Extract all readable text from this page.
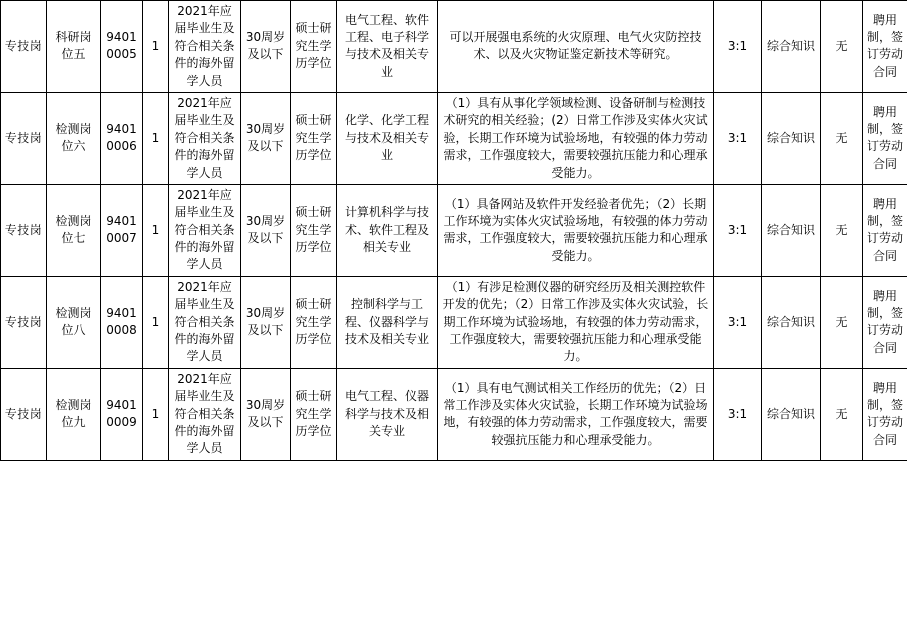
专技岗	科研岗位五	94010005	1	2021年应届毕业生及符合相关条件的海外留学人员	30周岁及以下	硕士研究生学历学位	电气工程、软件工程、电子科学与技术及相关专业	可以开展强电系统的火灾原理、电气火灾防控技术、以及火灾物证鉴定新技术等研究。	3:1	综合知识	无	聘用制，签订劳动合同
专技岗	检测岗位六	94010006	1	2021年应届毕业生及符合相关条件的海外留学人员	30周岁及以下	硕士研究生学历学位	化学、化学工程与技术及相关专业	（1）具有从事化学领域检测、设备研制与检测技术研究的相关经验；(2）日常工作涉及实体火灾试验，长期工作环境为试验场地，有较强的体力劳动需求，工作强度较大，需要较强抗压能力和心理承受能力。	3:1	综合知识	无	聘用制，签订劳动合同
专技岗	检测岗位七	94010007	1	2021年应届毕业生及符合相关条件的海外留学人员	30周岁及以下	硕士研究生学历学位	计算机科学与技术、软件工程及相关专业	（1）具备网站及软件开发经验者优先；（2）长期工作环境为实体火灾试验场地，有较强的体力劳动需求，工作强度较大，需要较强抗压能力和心理承受能力。	3:1	综合知识	无	聘用制，签订劳动合同
专技岗	检测岗位八	94010008	1	2021年应届毕业生及符合相关条件的海外留学人员	30周岁及以下	硕士研究生学历学位	控制科学与工程、仪器科学与技术及相关专业	（1）有涉足检测仪器的研究经历及相关测控软件开发的优先；（2）日常工作涉及实体火灾试验，长期工作环境为试验场地，有较强的体力劳动需求，工作强度较大，需要较强抗压能力和心理承受能力。	3:1	综合知识	无	聘用制，签订劳动合同
专技岗	检测岗位九	94010009	1	2021年应届毕业生及符合相关条件的海外留学人员	30周岁及以下	硕士研究生学历学位	电气工程、仪器科学与技术及相关专业	（1）具有电气测试相关工作经历的优先；（2）日常工作涉及实体火灾试验，长期工作环境为试验场地，有较强的体力劳动需求，工作强度较大，需要较强抗压能力和心理承受能力。	3:1	综合知识	无	聘用制，签订劳动合同
